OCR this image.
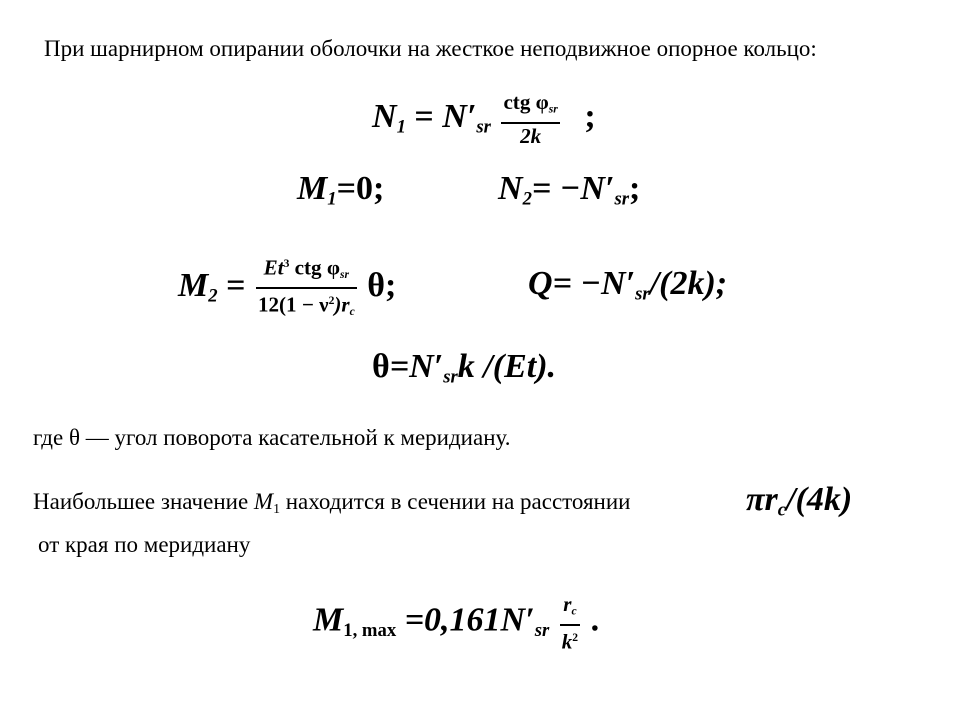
При шарнирном опирании оболочки на жесткое неподвижное опорное кольцо:
$N_1 = N'_{sr} \frac{ctg \varphi_{sr}}{2k}$ ;
$M_1=0$;	$N_2= -N'_{sr}$;
$M_2 = \frac{Et^3 ctg \varphi_{sr}}{12(1 - \nu^2)r_c} \theta$;	$Q= -N'_{sr}/(2k)$;
$\theta=N'_{sr}k$ /(Et).
где θ — угол поворота касательной к меридиану.
Наибольшее значение M1 находится в сечении на расстоянии	$\pi r_c/(4k)$
от края по меридиану
$M_{1, max} =0,161N'_{sr} \frac{r_c}{k^2}$ .
